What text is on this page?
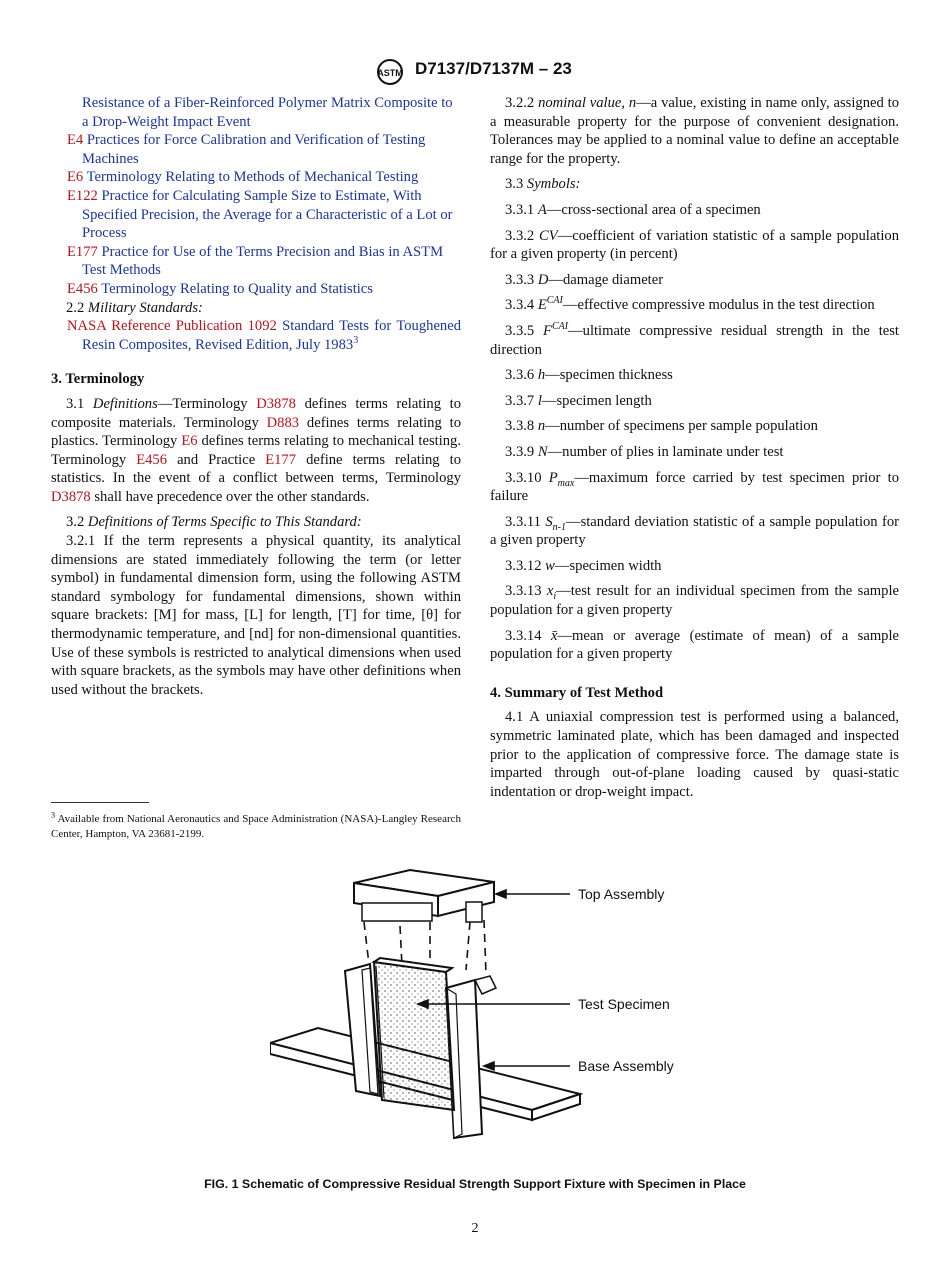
ASTM D7137/D7137M – 23

Resistance of a Fiber-Reinforced Polymer Matrix Composite to a Drop-Weight Impact Event

E4 Practices for Force Calibration and Verification of Testing Machines

E6 Terminology Relating to Methods of Mechanical Testing

E122 Practice for Calculating Sample Size to Estimate, With Specified Precision, the Average for a Characteristic of a Lot or Process

E177 Practice for Use of the Terms Precision and Bias in ASTM Test Methods

E456 Terminology Relating to Quality and Statistics

2.2 Military Standards:

NASA Reference Publication 1092 Standard Tests for Toughened Resin Composites, Revised Edition, July 1983$^3$

3. Terminology

3.1 Definitions—Terminology D3878 defines terms relating to composite materials. Terminology D883 defines terms relating to plastics. Terminology E6 defines terms relating to mechanical testing. Terminology E456 and Practice E177 define terms relating to statistics. In the event of a conflict between terms, Terminology D3878 shall have precedence over the other standards.

3.2 Definitions of Terms Specific to This Standard:

3.2.1 If the term represents a physical quantity, its analytical dimensions are stated immediately following the term (or letter symbol) in fundamental dimension form, using the following ASTM standard symbology for fundamental dimensions, shown within square brackets: [M] for mass, [L] for length, [T] for time, [θ] for thermodynamic temperature, and [nd] for non-dimensional quantities. Use of these symbols is restricted to analytical dimensions when used with square brackets, as the symbols may have other definitions when used without the brackets.

$^3$ Available from National Aeronautics and Space Administration (NASA)-Langley Research Center, Hampton, VA 23681-2199.

3.2.2 nominal value, n—a value, existing in name only, assigned to a measurable property for the purpose of convenient designation. Tolerances may be applied to a nominal value to define an acceptable range for the property.

3.3 Symbols:

3.3.1 A—cross-sectional area of a specimen

3.3.2 CV—coefficient of variation statistic of a sample population for a given property (in percent)

3.3.3 D—damage diameter

3.3.4 $E^{CAI}—effective$ compressive modulus in the test direction

3.3.5 $F^{CAI}—ultimate$ compressive residual strength in the test direction

3.3.6 h—specimen thickness

3.3.7 l—specimen length

3.3.8 n—number of specimens per sample population

3.3.9 N—number of plies in laminate under test

3.3.10 $P_{max}—maximum$ force carried by test specimen prior to failure

3.3.11 $S_{n-1}—standard$ deviation statistic of a sample population for a given property

3.3.12 w—specimen width

3.3.13 $x_i—test$ result for an individual specimen from the sample population for a given property

3.3.14 x̄—mean or average (estimate of mean) of a sample population for a given property

4. Summary of Test Method

4.1 A uniaxial compression test is performed using a balanced, symmetric laminated plate, which has been damaged and inspected prior to the application of compressive force. The damage state is imparted through out-of-plane loading caused by quasi-static indentation or drop-weight impact.

Top Assembly
Test Specimen
Base Assembly

FIG. 1 Schematic of Compressive Residual Strength Support Fixture with Specimen in Place

2
